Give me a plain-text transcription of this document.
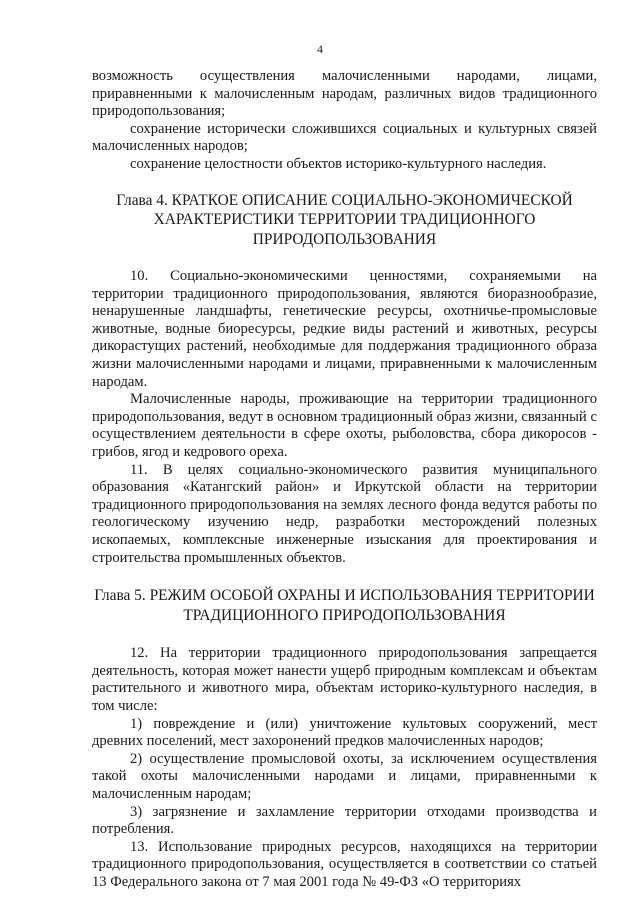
4

возможность осуществления малочисленными народами, лицами, приравненными к малочисленным народам, различных видов традиционного природопользования;

сохранение исторически сложившихся социальных и культурных связей малочисленных народов;

сохранение целостности объектов историко-культурного наследия.

Глава 4. КРАТКОЕ ОПИСАНИЕ СОЦИАЛЬНО-ЭКОНОМИЧЕСКОЙ
ХАРАКТЕРИСТИКИ ТЕРРИТОРИИ ТРАДИЦИОННОГО
ПРИРОДОПОЛЬЗОВАНИЯ

10. Социально-экономическими ценностями, сохраняемыми на территории традиционного природопользования, являются биоразнообразие, ненарушенные ландшафты, генетические ресурсы, охотничье-промысловые животные, водные биоресурсы, редкие виды растений и животных, ресурсы дикорастущих растений, необходимые для поддержания традиционного образа жизни малочисленными народами и лицами, приравненными к малочисленным народам.

Малочисленные народы, проживающие на территории традиционного природопользования, ведут в основном традиционный образ жизни, связанный с осуществлением деятельности в сфере охоты, рыболовства, сбора дикоросов - грибов, ягод и кедрового ореха.

11. В целях социально-экономического развития муниципального образования «Катангский район» и Иркутской области на территории традиционного природопользования на землях лесного фонда ведутся работы по геологическому изучению недр, разработки месторождений полезных ископаемых, комплексные инженерные изыскания для проектирования и строительства промышленных объектов.

Глава 5. РЕЖИМ ОСОБОЙ ОХРАНЫ И ИСПОЛЬЗОВАНИЯ ТЕРРИТОРИИ
ТРАДИЦИОННОГО ПРИРОДОПОЛЬЗОВАНИЯ

12. На территории традиционного природопользования запрещается деятельность, которая может нанести ущерб природным комплексам и объектам растительного и животного мира, объектам историко-культурного наследия, в том числе:

1) повреждение и (или) уничтожение культовых сооружений, мест древних поселений, мест захоронений предков малочисленных народов;

2) осуществление промысловой охоты, за исключением осуществления такой охоты малочисленными народами и лицами, приравненными к малочисленным народам;

3) загрязнение и захламление территории отходами производства и потребления.

13. Использование природных ресурсов, находящихся на территории традиционного природопользования, осуществляется в соответствии со статьей 13 Федерального закона от 7 мая 2001 года № 49-ФЗ «О территориях
